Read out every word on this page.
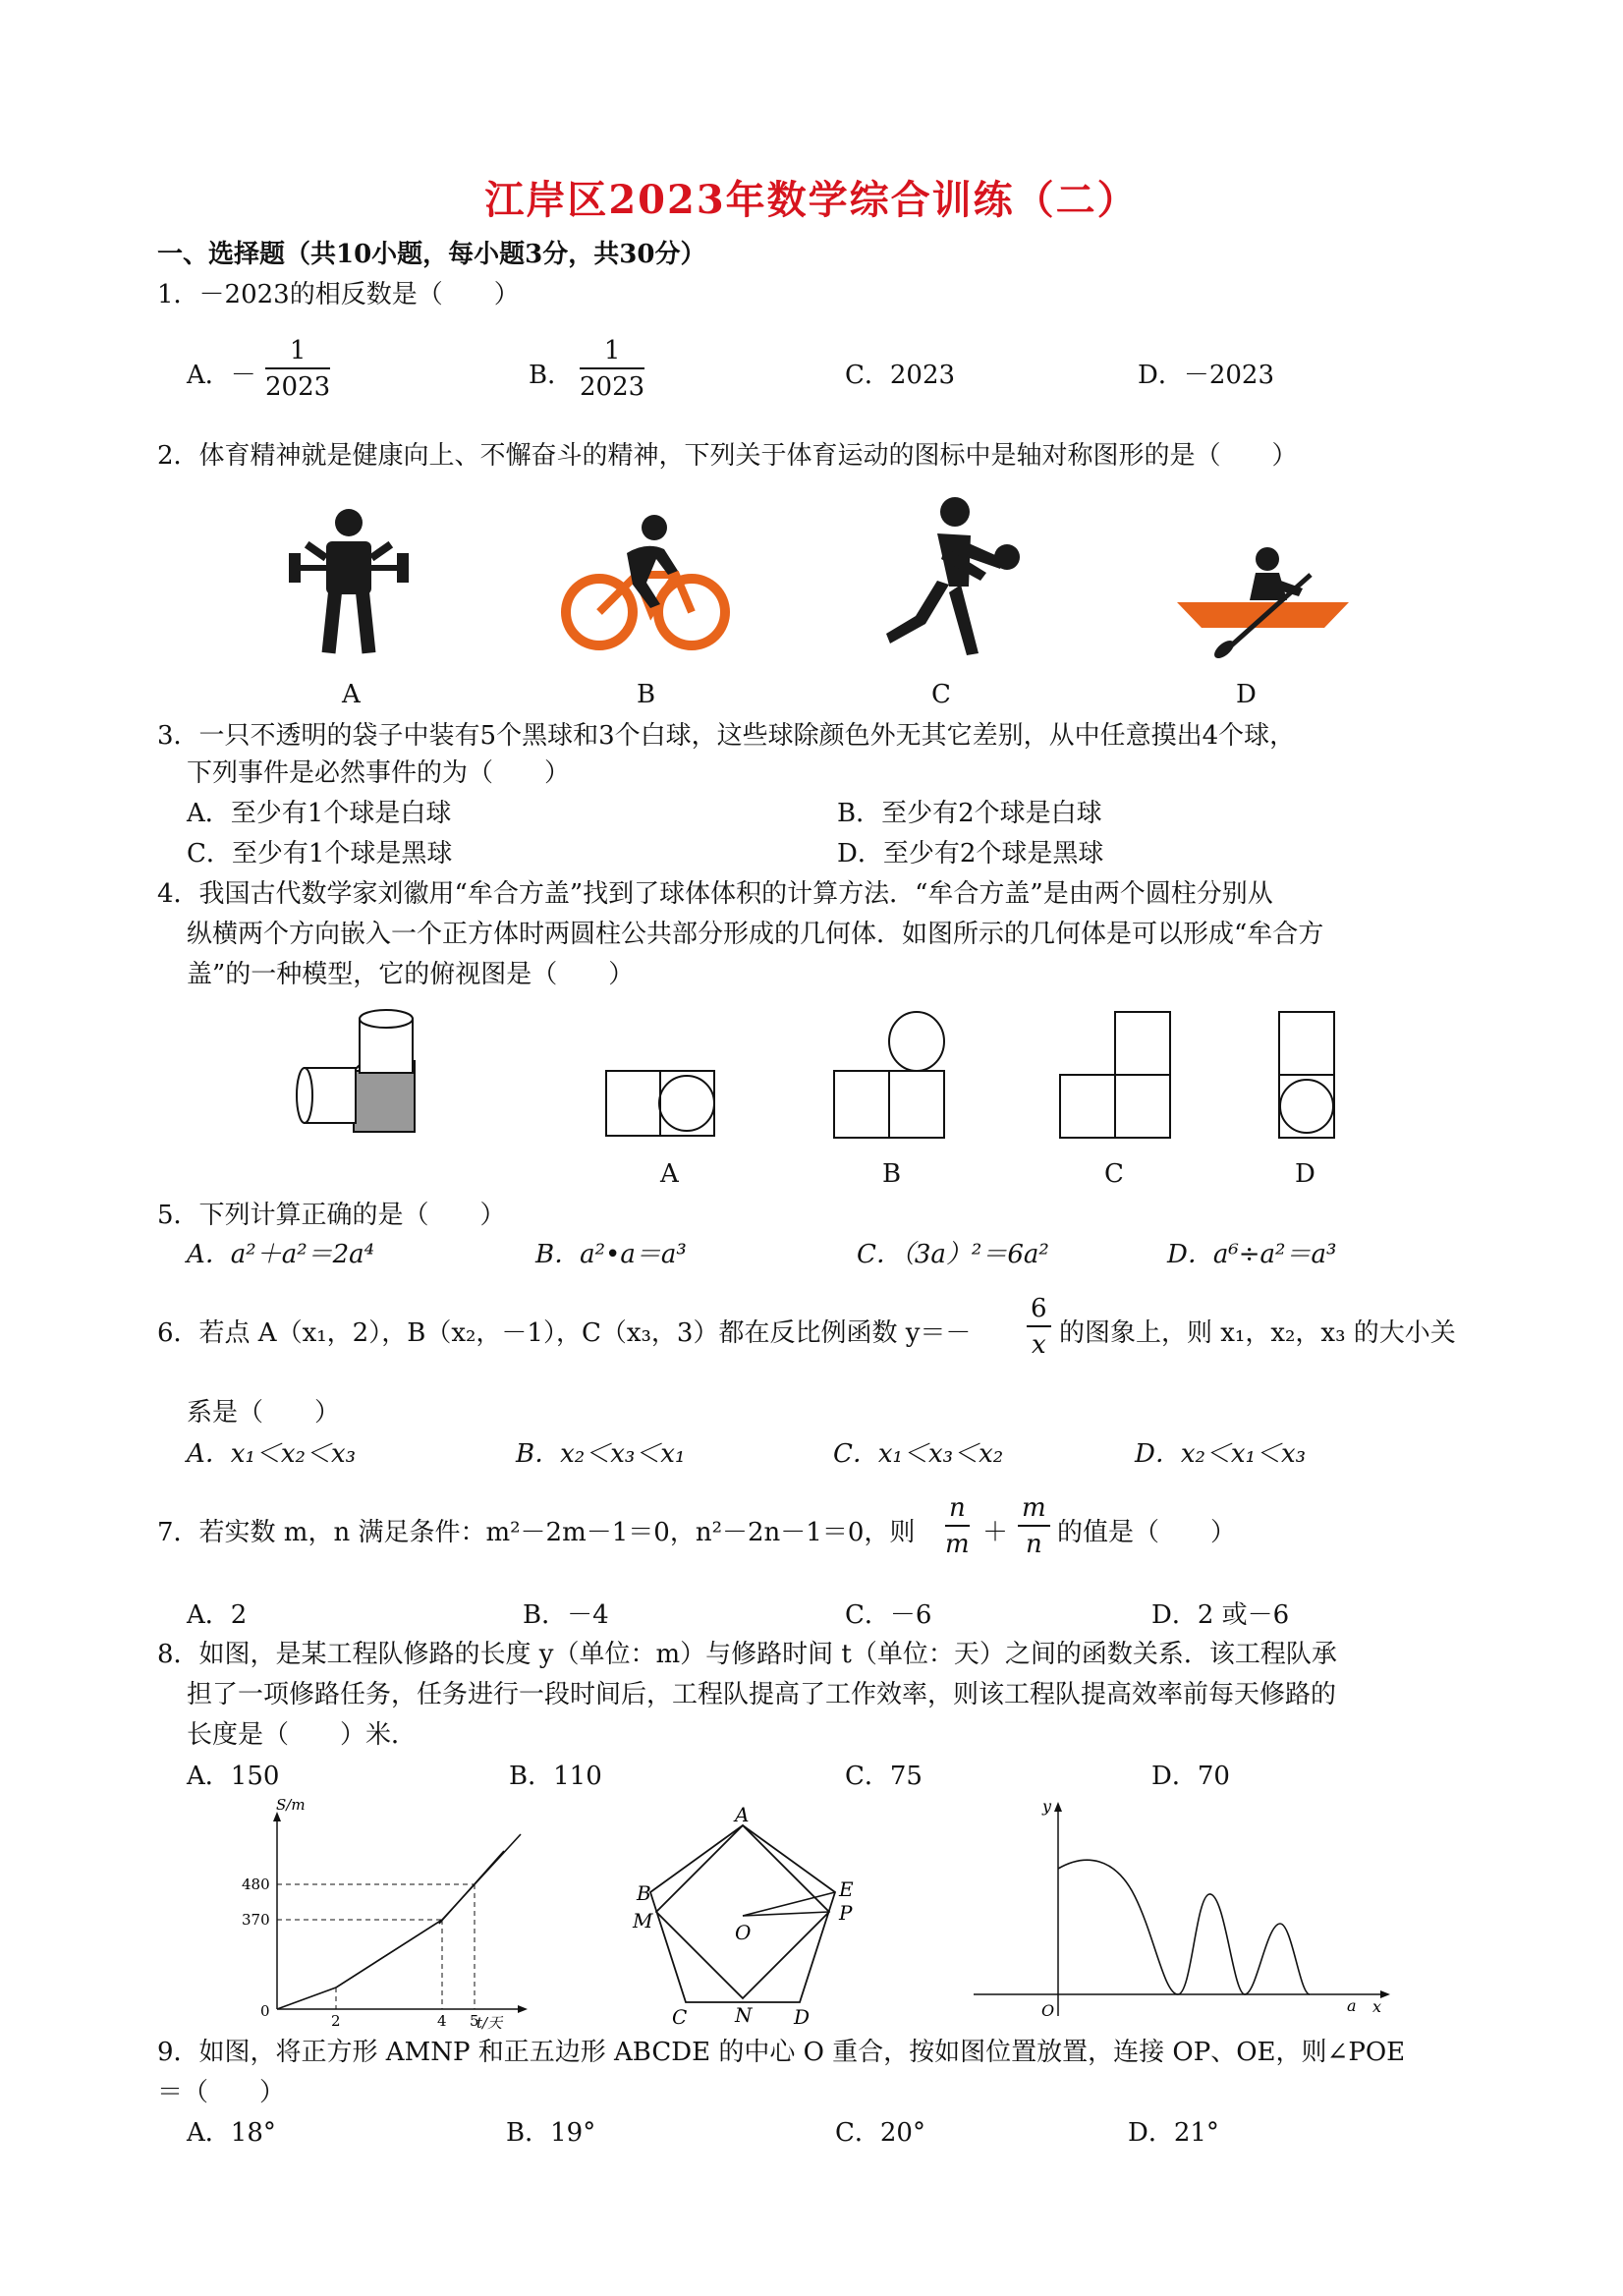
江岸区2023年数学综合训练（二）
一、选择题（共10小题，每小题3分，共30分）
1．－2023的相反数是（　　）
A．－ $\frac{1}{2023}$	B． $\frac{1}{2023}$	C．2023	D．－2023
2．体育精神就是健康向上、不懈奋斗的精神，下列关于体育运动的图标中是轴对称图形的是（　　）
A	B	C	D
3．一只不透明的袋子中装有5个黑球和3个白球，这些球除颜色外无其它差别，从中任意摸出4个球，
下列事件是必然事件的为（　　）
A．至少有1个球是白球	B．至少有2个球是白球
C．至少有1个球是黑球	D．至少有2个球是黑球
4．我国古代数学家刘徽用“牟合方盖”找到了球体体积的计算方法．“牟合方盖”是由两个圆柱分别从
纵横两个方向嵌入一个正方体时两圆柱公共部分形成的几何体．如图所示的几何体是可以形成“牟合方
盖”的一种模型，它的俯视图是（　　）
A	B	C	D
5．下列计算正确的是（　　）
A．a²＋a²＝2a⁴	B．a²•a＝a³	C．（3a）²＝6a²	D．a⁶÷a²＝a³
6．若点 A（x₁，2），B（x₂，－1），C（x₃，3）都在反比例函数 $y=- \frac{6}{x}$ 的图象上，则 x₁，x₂，x₃ 的大小关
系是（　　）
A．x₁＜x₂＜x₃	B．x₂＜x₃＜x₁	C．x₁＜x₃＜x₂	D．x₂＜x₁＜x₃
7．若实数 m，n 满足条件：m²－2m－1＝0，n²－2n－1＝0，则 $\frac{n}{m} + \frac{m}{n}$ 的值是（　　）
A．2	B．－4	C．－6	D．2 或－6
8．如图，是某工程队修路的长度 y（单位：m）与修路时间 t（单位：天）之间的函数关系．该工程队承
担了一项修路任务，任务进行一段时间后，工程队提高了工作效率，则该工程队提高效率前每天修路的
长度是（　　）米．
A．150	B．110	C．75	D．70
S/m
t/天
0
480
370
2	4 5
A
B
M	O
E
P
C N D	O
y
x
a
9．如图，将正方形 AMNP 和正五边形 ABCDE 的中心 O 重合，按如图位置放置，连接 OP、OE，则∠POE
＝（　　）
A．18°	B．19°	C．20°	D．21°
